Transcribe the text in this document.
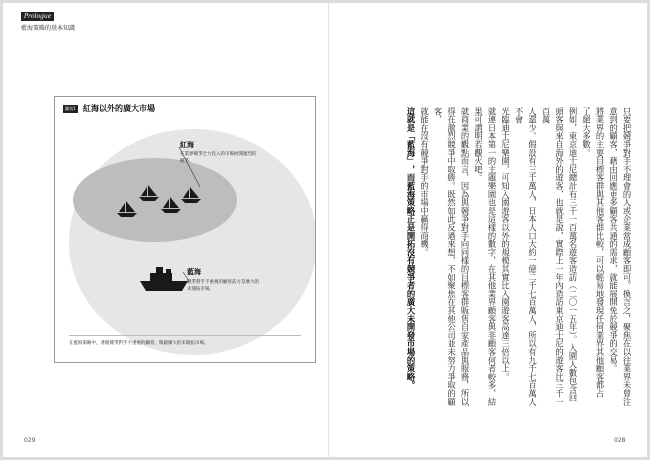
Prologue
藍海策略的基本知識
圖表1 紅海以外的廣大市場
紅海
在業界競爭全力投入的市場展開激烈的競爭。
藍海
競爭對手不重視的顧客前方是廣大的未開拓市場。
在藍海策略中，著眼競爭對手不重視的顧客，開創廣大的未開拓市場。
029
只要把競爭對手不理會的人或企業當成顧客即可。換言之，聚焦在以往業界未曾注
意到的顧客，藉由回應更多顧客共通的需求，就能展開免於競爭的交易。
將業界的主要目標客群與其他客群比較，可以輕易地發現任何業界其他顧客都占
了絕大多數。
例如，東京迪士尼總計有三千一百萬名遊客造訪（二〇一五年）。入園人數包含回
頭客與來自海外的遊客，也就是說，實際上一年內造訪東京迪士尼的遊客比三千一百萬
人還少。假設有三千萬人，日本人口大約一億二千七百萬人，所以有九千七百萬人不會
光臨迪士尼樂園，可知入園遊客以外的規模其實比入園遊客高達三倍以上。
就連日本第一的主題樂園也是這樣的數字，在其他業界顧客與非顧客何者較多，結
果可謂明若觀火吧。
就商業的觀點而言，因為與競爭對手向同樣的目標客群販售自家產品與服務，所以
得在激烈競爭中取勝。既然如此反過來想，不如聚焦在其他公司並未努力爭取的顧客，
就能在沒有競爭對手的市場中贏得商機。
這就是「藍海」，而藍海策略正是開拓沒有競爭者的廣大未開發市場的策略。
028
